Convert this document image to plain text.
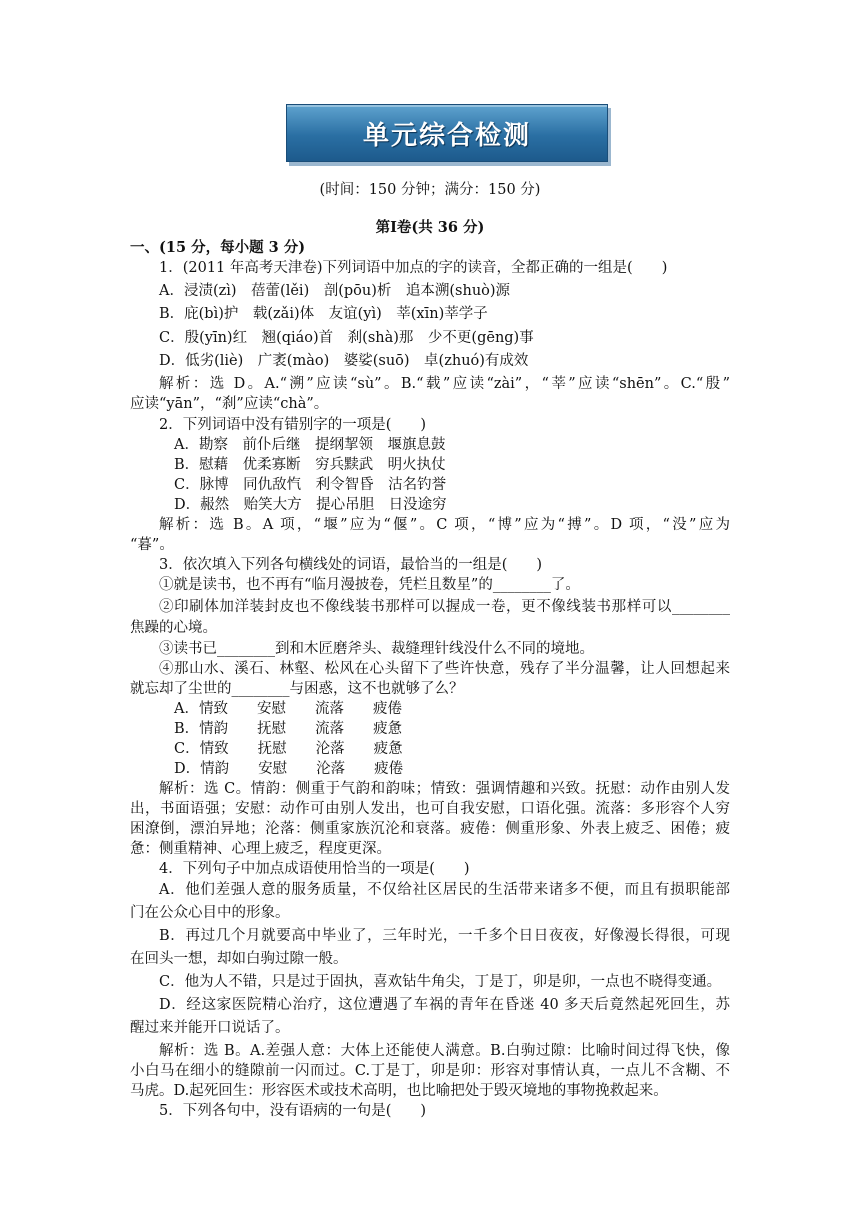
单元综合检测
(时间：150 分钟；满分：150 分)
第Ⅰ卷(共 36 分)
一、(15 分，每小题 3 分)
1．(2011 年高考天津卷)下列词语中加点的字的读音，全都正确的一组是(　　)
A．浸渍(zì)　蓓蕾(lěi)　剖(pōu)析　追本溯(shuò)源
B．庇(bì)护　载(zǎi)体　友谊(yì)　莘(xīn)莘学子
C．殷(yīn)红　翘(qiáo)首　刹(shà)那　少不更(gēng)事
D．低劣(liè)　广袤(mào)　婆娑(suō)　卓(zhuó)有成效
解析：选 D。A.“溯”应读“sù”。B.“载”应读“zài”，“莘”应读“shēn”。C.“殷”
应读“yān”，“刹”应读“chà”。
2．下列词语中没有错别字的一项是(　　)
A．勘察　前仆后继　提纲挈领　堰旗息鼓
B．慰藉　优柔寡断　穷兵黩武　明火执仗
C．脉博　同仇敌忾　利令智昏　沽名钓誉
D．赧然　贻笑大方　提心吊胆　日没途穷
解析：选 B。A 项，“堰”应为“偃”。C 项，“博”应为“搏”。D 项，“没”应为
“暮”。
3．依次填入下列各句横线处的词语，最恰当的一组是(　　)
①就是读书，也不再有“临月漫披卷，凭栏且数星”的________了。
②印刷体加洋装封皮也不像线装书那样可以握成一卷，更不像线装书那样可以________
焦躁的心境。
③读书已________到和木匠磨斧头、裁缝理针线没什么不同的境地。
④那山水、溪石、林壑、松风在心头留下了些许快意，残存了半分温馨，让人回想起来
就忘却了尘世的________与困惑，这不也就够了么？
A．情致　　安慰　　流落　　疲倦
B．情韵　　抚慰　　流落　　疲惫
C．情致　　抚慰　　沦落　　疲惫
D．情韵　　安慰　　沦落　　疲倦
解析：选 C。情韵：侧重于气韵和韵味；情致：强调情趣和兴致。抚慰：动作由别人发
出，书面语强；安慰：动作可由别人发出，也可自我安慰，口语化强。流落：多形容个人穷
困潦倒，漂泊异地；沦落：侧重家族沉沦和衰落。疲倦：侧重形象、外表上疲乏、困倦；疲
惫：侧重精神、心理上疲乏，程度更深。
4．下列句子中加点成语使用恰当的一项是(　　)
A．他们差强人意的服务质量，不仅给社区居民的生活带来诸多不便，而且有损职能部
门在公众心目中的形象。
B．再过几个月就要高中毕业了，三年时光，一千多个日日夜夜，好像漫长得很，可现
在回头一想，却如白驹过隙一般。
C．他为人不错，只是过于固执，喜欢钻牛角尖，丁是丁，卯是卯，一点也不晓得变通。
D．经这家医院精心治疗，这位遭遇了车祸的青年在昏迷 40 多天后竟然起死回生，苏
醒过来并能开口说话了。
解析：选 B。A.差强人意：大体上还能使人满意。B.白驹过隙：比喻时间过得飞快，像
小白马在细小的缝隙前一闪而过。C.丁是丁，卯是卯：形容对事情认真，一点儿不含糊、不
马虎。D.起死回生：形容医术或技术高明，也比喻把处于毁灭境地的事物挽救起来。
5．下列各句中，没有语病的一句是(　　)
